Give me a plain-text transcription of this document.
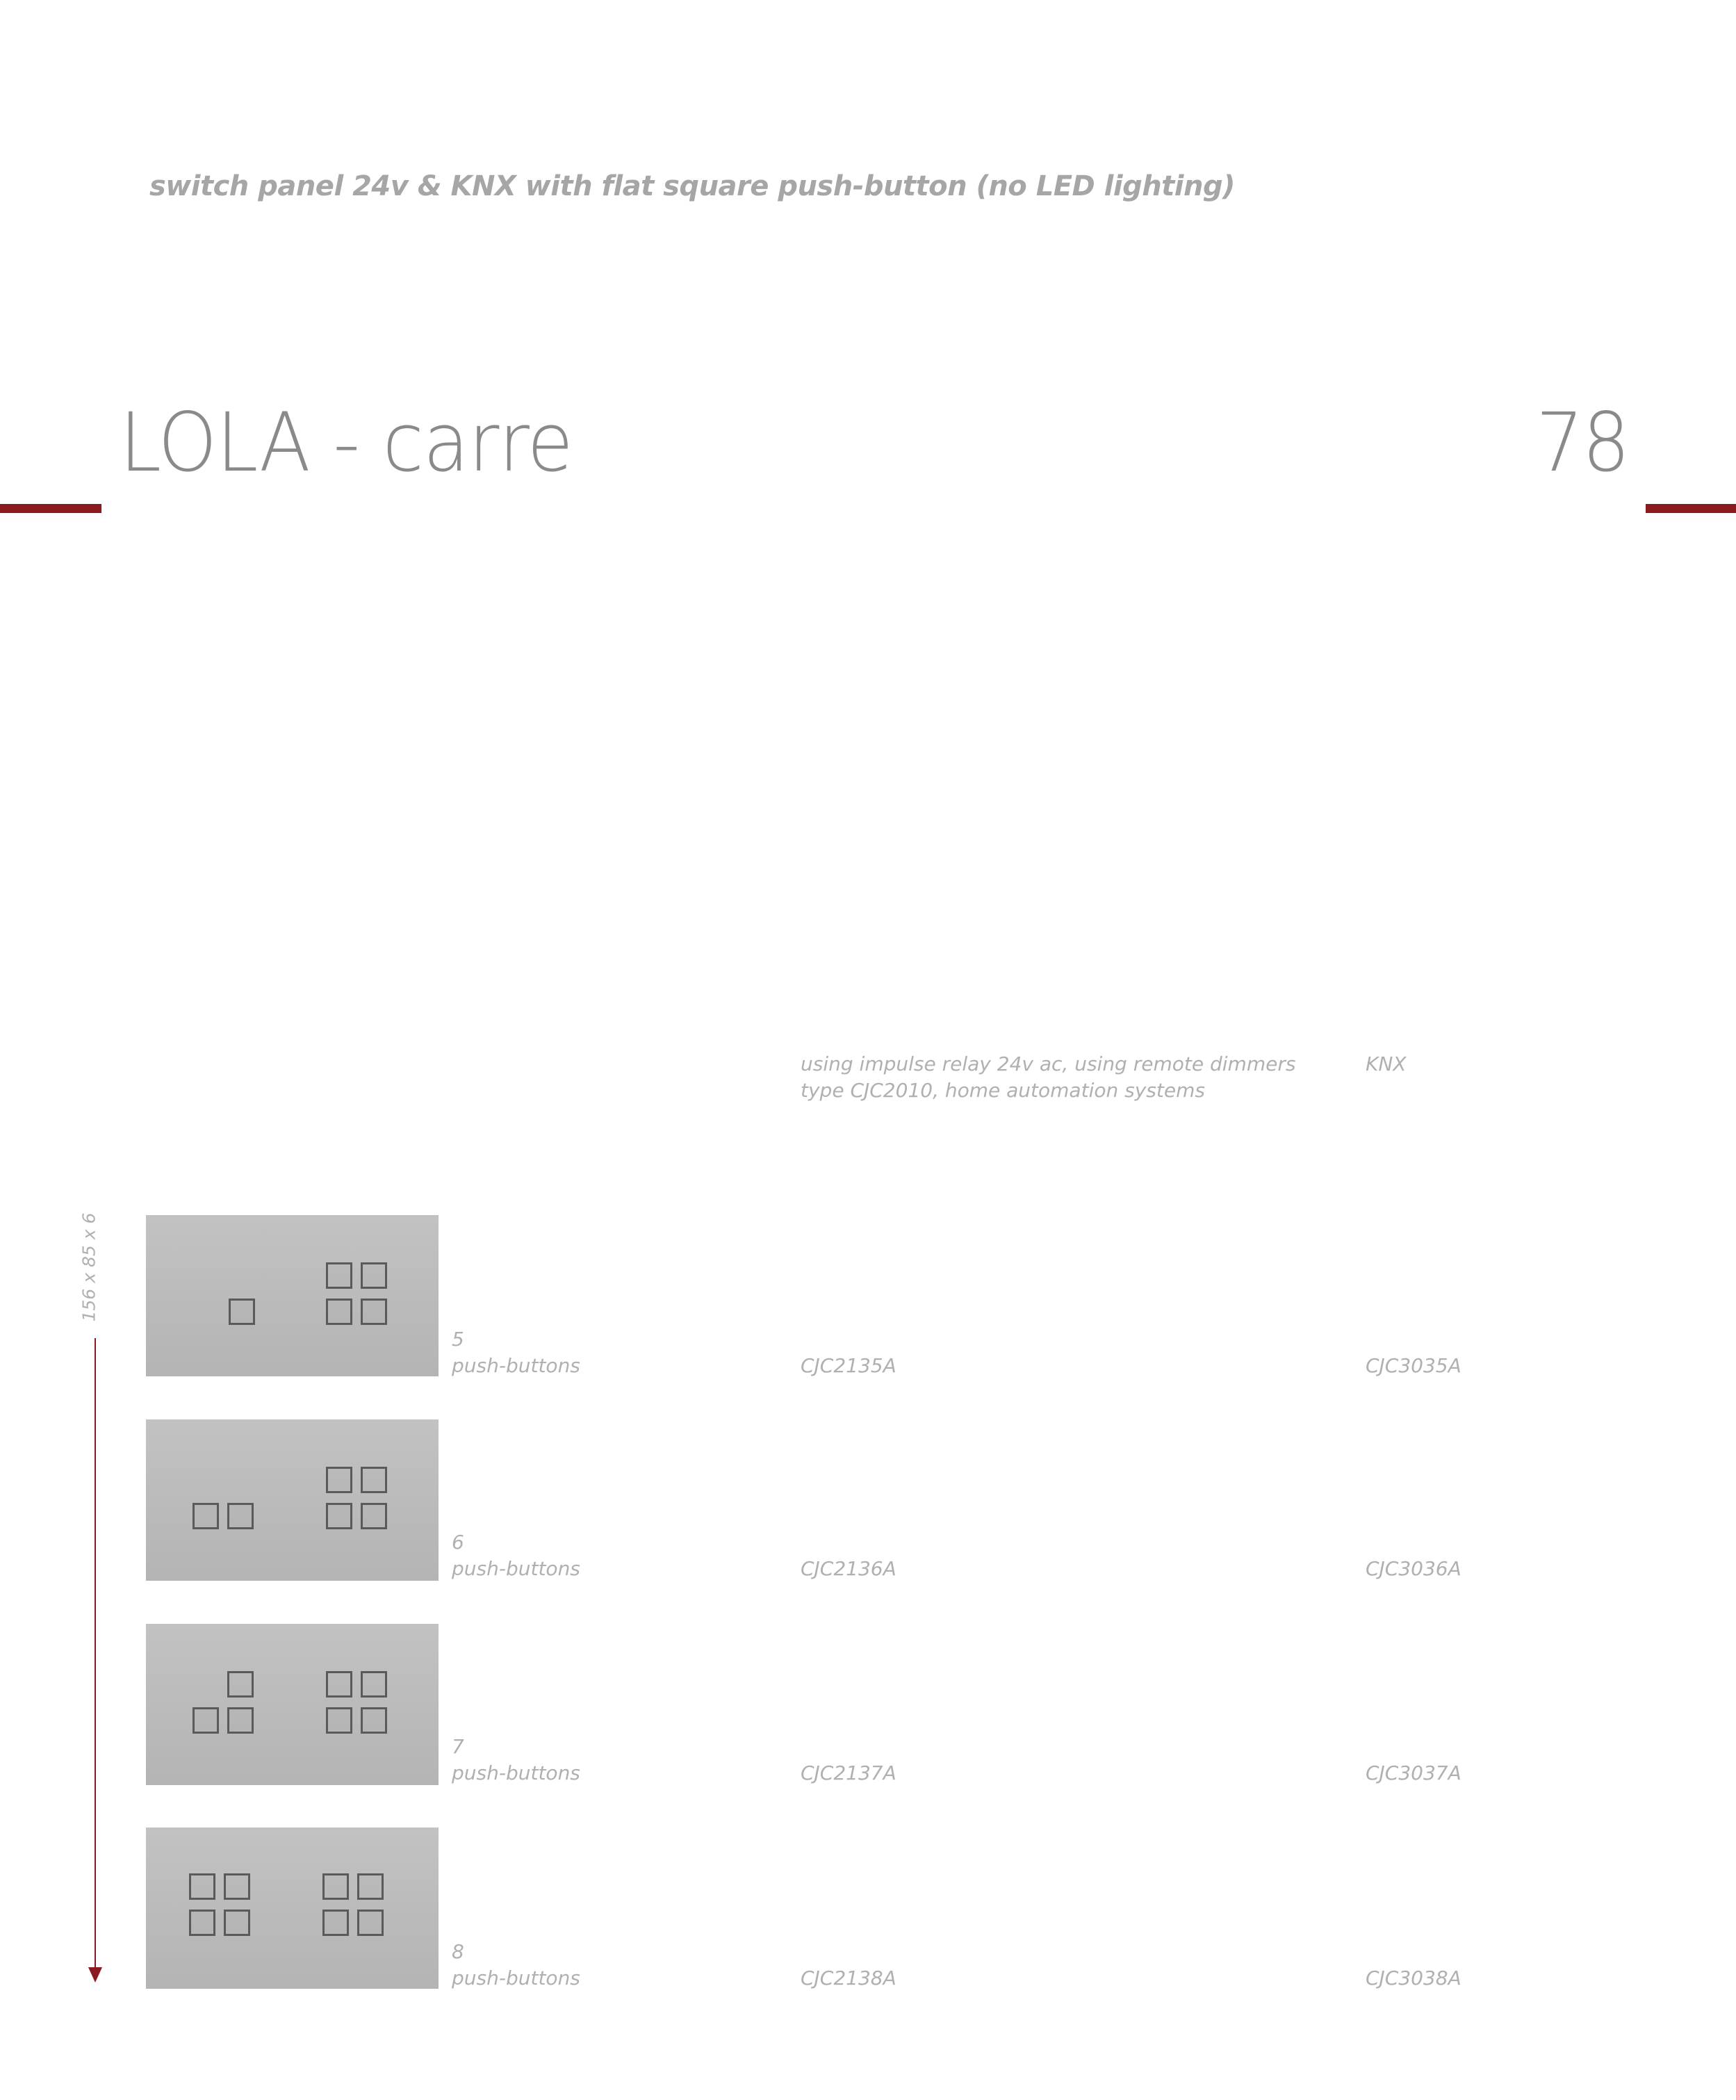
switch panel 24v & KNX with flat square push-button (no LED lighting)
LOLA - carre	78
using impulse relay 24v ac, using remote dimmers
type CJC2010, home automation systems
KNX
156 x 85 x 6
5
push-buttons	CJC2135A	CJC3035A
6
push-buttons	CJC2136A	CJC3036A
7
push-buttons	CJC2137A	CJC3037A
8
push-buttons	CJC2138A	CJC3038A
